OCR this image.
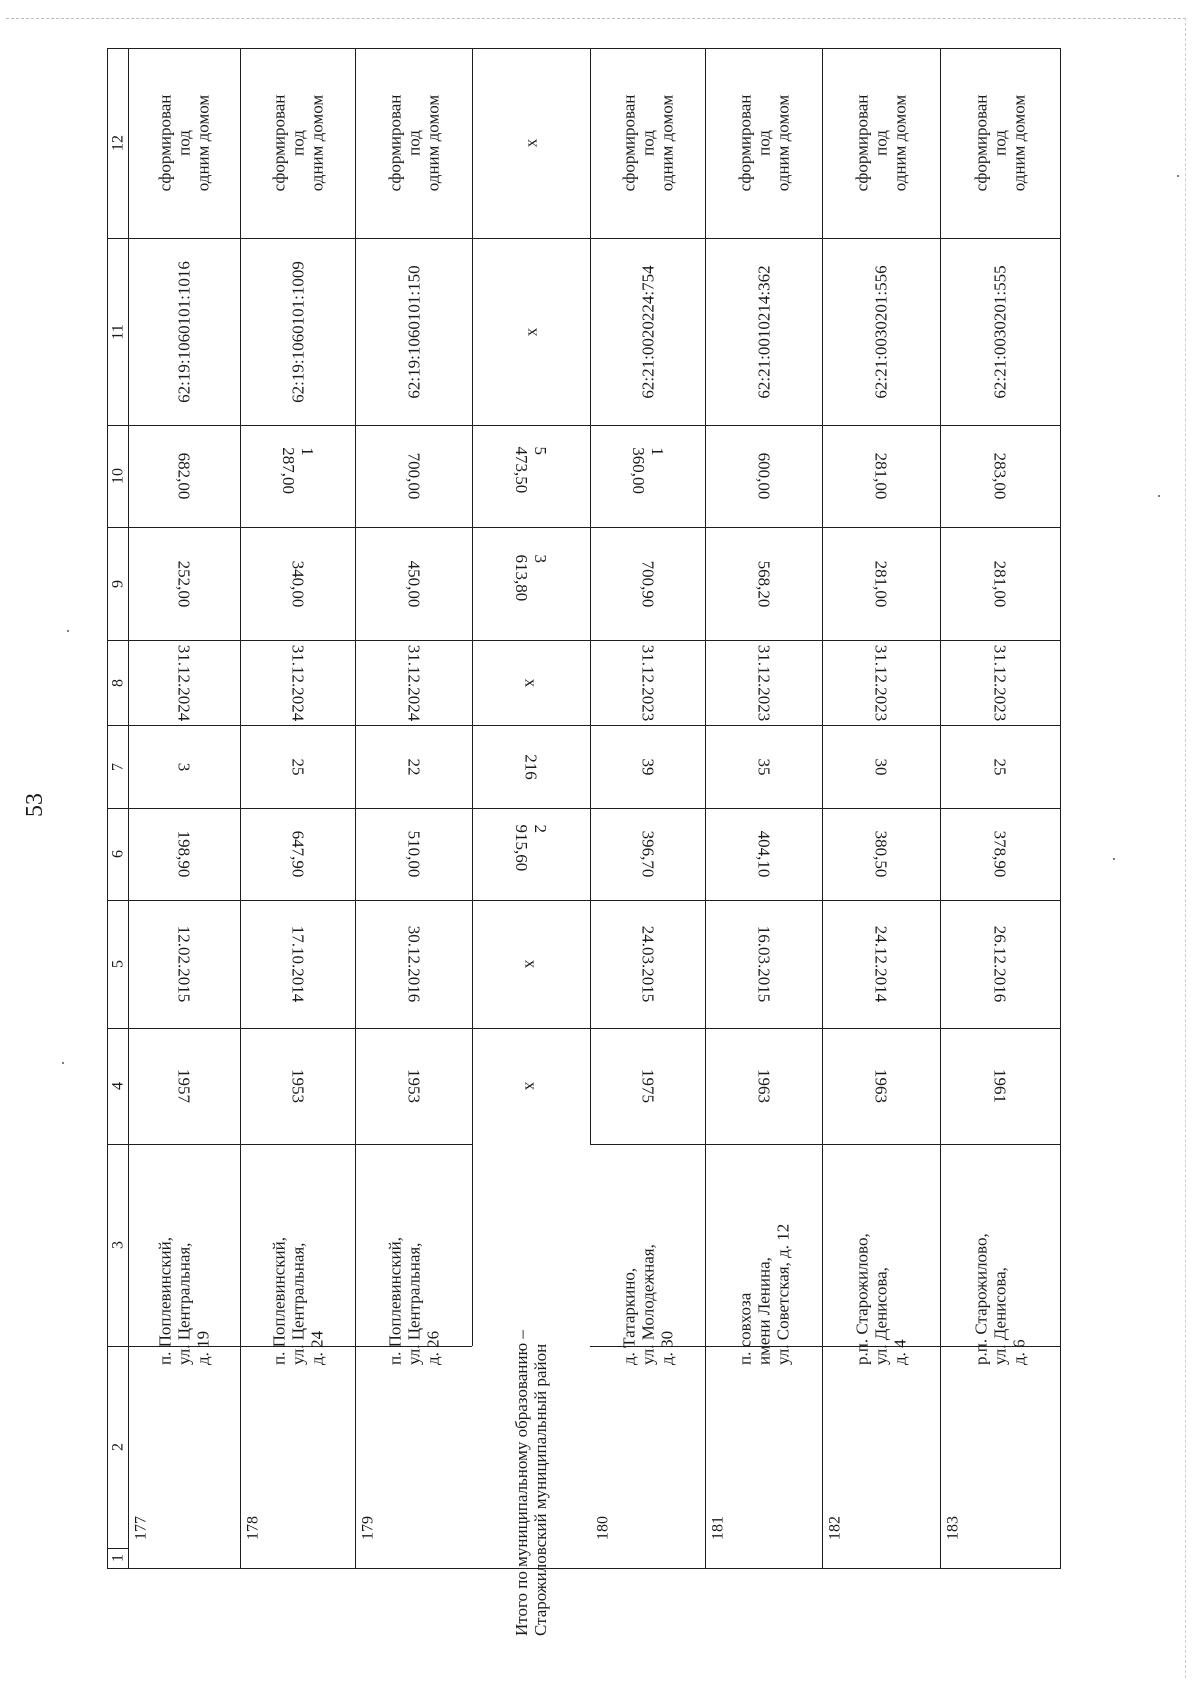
53
1
2
3
4
5
6
7
8
9
10
11
12 сформирован под
одним домом
62:19:1060101:1016
682,00
252,00
31.12.2024
3
198,90
12.02.2015
1957
п. Поплевинский,
ул. Центральная,
д. 19
177
сформирован под
одним домом
62:19:1060101:1009
1 287,00
340,00
31.12.2024
25
647,90
17.10.2014
1953
п. Поплевинский,
ул. Центральная,
д. 24
178
сформирован под
одним домом
62:19:1060101:150
700,00
450,00
31.12.2024
22
510,00
30.12.2016
1953
п. Поплевинский,
ул. Центральная,
д. 26
179
сформирован под
одним домом
62:21:0020224:754
1 360,00
700,90
31.12.2023
39
396,70
24.03.2015
1975
д. Татаркино,
ул. Молодежная,
д. 30
180
сформирован под
одним домом
62:21:0010214:362
600,00
568,20
31.12.2023
35
404,10
16.03.2015
1963
п. совхоза
имени Ленина,
ул. Советская, д. 12
181
сформирован под
одним домом
62:21:0030201:556
281,00
281,00
31.12.2023
30
380,50
24.12.2014
1963
р.п. Старожилово,
ул. Денисова,
д. 4
182
сформирован под
одним домом
62:21:0030201:555
283,00
281,00
31.12.2023
25
378,90
26.12.2016
1961
р.п. Старожилово,
ул. Денисова,
д. 6
183
х
х
5 473,50
3 613,80
х
216
2 915,60
х
х
Итого по муниципальному образованию –
Старожиловский муниципальный район
